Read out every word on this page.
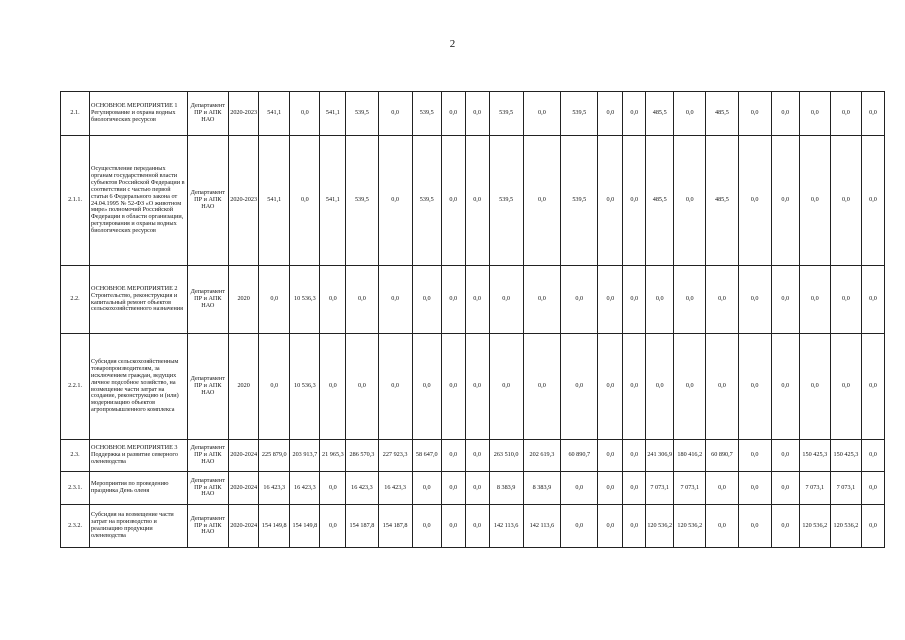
2
2.1.	ОСНОВНОЕ МЕРОПРИЯТИЕ 1 Регулирование и охрана водных биологических ресурсов	Департамент ПР и АПК НАО	2020-2023	541,1	0,0	541,1	539,5	0,0	539,5	0,0	0,0	539,5	0,0	539,5	0,0	0,0	485,5	0,0	485,5	0,0	0,0	0,0	0,0	0,0
2.1.1.	Осуществление переданных органам государственной власти субъектов Российской Федерации в соответствии с частью первой статьи 6 Федерального закона от 24.04.1995 № 52-ФЗ «О животном мире» полномочий Российской Федерации в области организации, регулирования и охраны водных биологических ресурсов	Департамент ПР и АПК НАО	2020-2023	541,1	0,0	541,1	539,5	0,0	539,5	0,0	0,0	539,5	0,0	539,5	0,0	0,0	485,5	0,0	485,5	0,0	0,0	0,0	0,0	0,0
2.2.	ОСНОВНОЕ МЕРОПРИЯТИЕ 2 Строительство, реконструкция и капитальный ремонт объектов сельскохозяйственного назначения	Департамент ПР и АПК НАО	2020	0,0	10 536,3	0,0	0,0	0,0	0,0	0,0	0,0	0,0	0,0	0,0	0,0	0,0	0,0	0,0	0,0	0,0	0,0	0,0	0,0	0,0
2.2.1.	Субсидия сельскохозяйственным товаропроизводителям, за исключением граждан, ведущих личное подсобное хозяйство, на возмещение части затрат на создание, реконструкцию и (или) модернизацию объектов агропромышленного комплекса	Департамент ПР и АПК НАО	2020	0,0	10 536,3	0,0	0,0	0,0	0,0	0,0	0,0	0,0	0,0	0,0	0,0	0,0	0,0	0,0	0,0	0,0	0,0	0,0	0,0	0,0
2.3.	ОСНОВНОЕ МЕРОПРИЯТИЕ 3 Поддержка и развитие северного оленеводства	Департамент ПР и АПК НАО	2020-2024	225 879,0	203 913,7	21 965,3	286 570,3	227 923,3	58 647,0	0,0	0,0	263 510,0	202 619,3	60 890,7	0,0	0,0	241 306,9	180 416,2	60 890,7	0,0	0,0	150 425,3	150 425,3	0,0
2.3.1.	Мероприятия по проведению праздника День оленя	Департамент ПР и АПК НАО	2020-2024	16 423,3	16 423,3	0,0	16 423,3	16 423,3	0,0	0,0	0,0	8 383,9	8 383,9	0,0	0,0	0,0	7 073,1	7 073,1	0,0	0,0	0,0	7 073,1	7 073,1	0,0
2.3.2.	Субсидия на возмещение части затрат на производство и реализацию продукции оленеводства	Департамент ПР и АПК НАО	2020-2024	154 149,8	154 149,8	0,0	154 187,8	154 187,8	0,0	0,0	0,0	142 113,6	142 113,6	0,0	0,0	0,0	120 536,2	120 536,2	0,0	0,0	0,0	120 536,2	120 536,2	0,0
